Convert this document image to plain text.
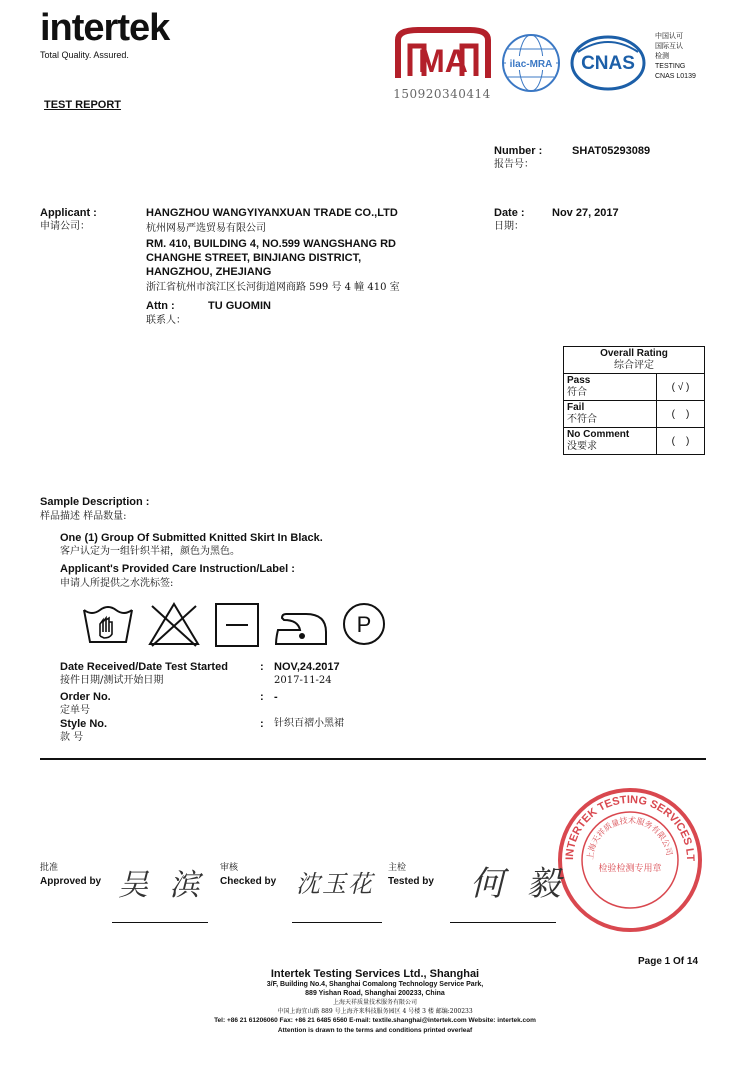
intertek
Total Quality. Assured.	MA
150920340414
ilac-MRA CNAS
中国认可
国际互认
检测
TESTING
CNAS L0139
TEST REPORT
Number :
报告号：
SHAT05293089
Applicant :
申请公司：
HANGZHOU WANGYIYANXUAN TRADE CO.,LTD
杭州网易严选贸易有限公司
RM. 410, BUILDING 4, NO.599 WANGSHANG RD
CHANGHE STREET, BINJIANG DISTRICT,
HANGZHOU, ZHEJIANG
浙江省杭州市滨江区长河街道网商路 599 号 4 幢 410 室
Attn :	TU GUOMIN
联系人：
Date :
日期：
Nov 27, 2017
Overall Rating
综合评定	

Pass
符合	( √ )

Fail
不符合	(    )

No Comment
没要求	(    )
Sample Description :
样品描述 样品数量:
One (1) Group Of Submitted Knitted Skirt In Black.
客户认定为一组针织半裙，颜色为黑色。
Applicant's Provided Care Instruction/Label :
申请人所提供之水洗标签:
P
Date Received/Date Test Started
接件日期/测试开始日期
: NOV,24.2017
2017-11-24
Order No.
定单号
: -
Style No.
款 号
: 针织百褶小黑裙
INTERTEK TESTING SERVICES LT
上海天祥质量技术服务有限公司
检验检测专用章
批准
Approved by 吴 滨 审核
Checked by 沈玉花
主检
Tested by 何 毅
Page 1 Of 14
Intertek Testing Services Ltd., Shanghai
3/F, Building No.4, Shanghai Comalong Technology Service Park,
889 Yishan Road, Shanghai 200233, China
上海天祥质量技术服务有限公司
中国上海宜山路 889 号上海齐来科技服务园区 4 号楼 3 楼 邮编:200233
Tel: +86 21 61206060 Fax: +86 21 6485 6560 E-mail: textile.shanghai@intertek.com Website: intertek.com
Attention is drawn to the terms and conditions printed overleaf
